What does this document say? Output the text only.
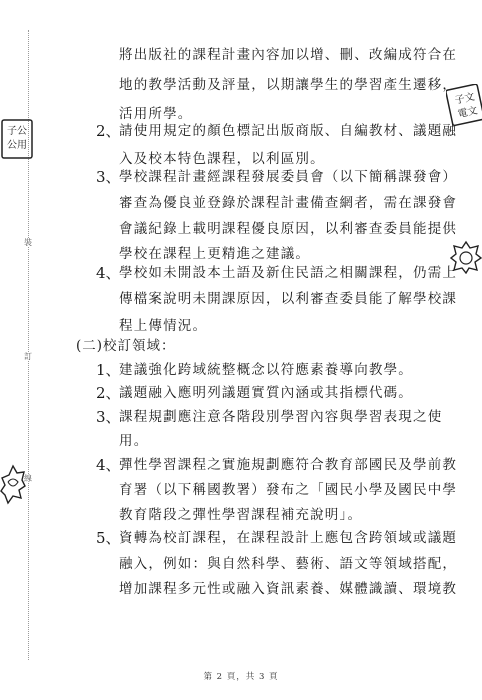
裝
訂
線
子公
公用
子文
電文
將出版社的課程計畫內容加以增、刪、改編成符合在
地的教學活動及評量，以期讓學生的學習產生遷移，
活用所學。
2、
請使用規定的顏色標記出版商版、自編教材、議題融
入及校本特色課程，以利區別。
3、
學校課程計畫經課程發展委員會（以下簡稱課發會）
審查為優良並登錄於課程計畫備查網者，需在課發會
會議紀錄上載明課程優良原因，以利審查委員能提供
學校在課程上更精進之建議。
4、
學校如未開設本土語及新住民語之相關課程，仍需上
傳檔案說明未開課原因，以利審查委員能了解學校課
程上傳情況。
(二)校訂領域：
1、
建議強化跨域統整概念以符應素養導向教學。
2、
議題融入應明列議題實質內涵或其指標代碼。
3、
課程規劃應注意各階段別學習內容與學習表現之使
用。
4、
彈性學習課程之實施規劃應符合教育部國民及學前教
育署（以下稱國教署）發布之「國民小學及國民中學
教育階段之彈性學習課程補充說明」。
5、
資轉為校訂課程，在課程設計上應包含跨領域或議題
融入，例如：與自然科學、藝術、語文等領域搭配，
增加課程多元性或融入資訊素養、媒體識讀、環境教
第 2 頁，共 3 頁
